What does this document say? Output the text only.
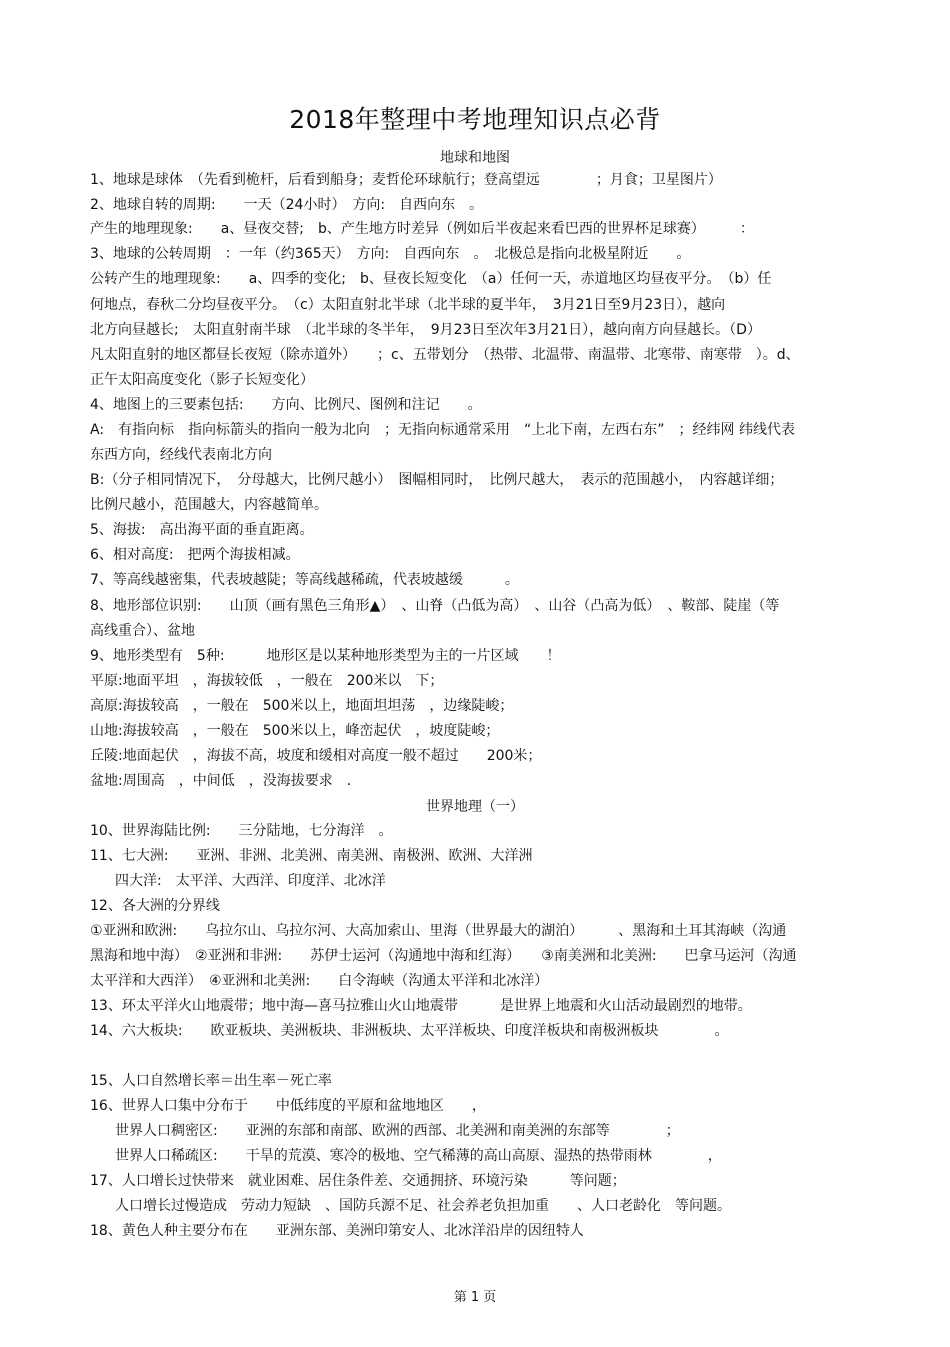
2018年整理中考地理知识点必背
地球和地图
1、地球是球体　（先看到桅杆，后看到船身；麦哲伦环球航行；登高望远　　　　；月食；卫星图片）
2、地球自转的周期:　　一天（24小时）　方向:　自西向东　。
产生的地理现象:　　a、昼夜交替;　b、产生地方时差异（例如后半夜起来看巴西的世界杯足球赛）　　　：
3、地球的公转周期　：一年（约365天）　方向:　自西向东　。　北极总是指向北极星附近　　。
公转产生的地理现象:　　a、四季的变化;　b、昼夜长短变化　（a）任何一天，赤道地区均昼夜平分。　（b）任
何地点，春秋二分均昼夜平分。　（c）太阳直射北半球（北半球的夏半年，　3月21日至9月23日），越向
北方向昼越长;　太阳直射南半球　（北半球的冬半年，　9月23日至次年3月21日），越向南方向昼越长。（D）
凡太阳直射的地区都昼长夜短（除赤道外）　　；c、五带划分　（热带、北温带、南温带、北寒带、南寒带　）。d、
正午太阳高度变化（影子长短变化）
4、地图上的三要素包括:　　方向、比例尺、图例和注记　　。
A:　有指向标　指向标箭头的指向一般为北向　；无指向标通常采用　“上北下南，左西右东”　；经纬网 纬线代表
东西方向，经线代表南北方向
B:（分子相同情况下，　分母越大，比例尺越小）　图幅相同时，　比例尺越大，　表示的范围越小，　内容越详细；
比例尺越小，范围越大，内容越简单。
5、海拔:　高出海平面的垂直距离。
6、相对高度:　把两个海拔相减。
7、等高线越密集，代表坡越陡；等高线越稀疏，代表坡越缓　　　。
8、地形部位识别:　　山顶（画有黑色三角形▲）　、山脊（凸低为高）　、山谷（凸高为低）　、鞍部、陡崖（等
高线重合）、盆地
9、地形类型有　5种:　　　地形区是以某种地形类型为主的一片区域　　！
平原:地面平坦　，海拔较低　，一般在　200米以　下；
高原:海拔较高　，一般在　500米以上，地面坦坦荡　，边缘陡峻；
山地:海拔较高　，一般在　500米以上，峰峦起伏　，坡度陡峻；
丘陵:地面起伏　，海拔不高，坡度和缓相对高度一般不超过　　200米；
盆地:周围高　，中间低　，没海拔要求　．
世界地理（一）
10、世界海陆比例:　　三分陆地，七分海洋　。
11、七大洲:　　亚洲、非洲、北美洲、南美洲、南极洲、欧洲、大洋洲
四大洋:　太平洋、大西洋、印度洋、北冰洋
12、各大洲的分界线
①亚洲和欧洲:　　乌拉尔山、乌拉尔河、大高加索山、里海（世界最大的湖泊）　　　、黑海和土耳其海峡（沟通
黑海和地中海）　②亚洲和非洲:　　苏伊士运河（沟通地中海和红海）　　③南美洲和北美洲:　　巴拿马运河（沟通
太平洋和大西洋）　④亚洲和北美洲:　　白令海峡（沟通太平洋和北冰洋）
13、环太平洋火山地震带；地中海—喜马拉雅山火山地震带　　　是世界上地震和火山活动最剧烈的地带。
14、六大板块:　　欧亚板块、美洲板块、非洲板块、太平洋板块、印度洋板块和南极洲板块　　　　。
15、人口自然增长率＝出生率－死亡率
16、世界人口集中分布于　　中低纬度的平原和盆地地区　　，
世界人口稠密区:　　亚洲的东部和南部、欧洲的西部、北美洲和南美洲的东部等　　　　；
世界人口稀疏区:　　干旱的荒漠、寒冷的极地、空气稀薄的高山高原、湿热的热带雨林　　　　，
17、人口增长过快带来　就业困难、居住条件差、交通拥挤、环境污染　　　等问题；
人口增长过慢造成　劳动力短缺　、国防兵源不足、社会养老负担加重　　、人口老龄化　等问题。
18、黄色人种主要分布在　　亚洲东部、美洲印第安人、北冰洋沿岸的因纽特人
第 1 页
